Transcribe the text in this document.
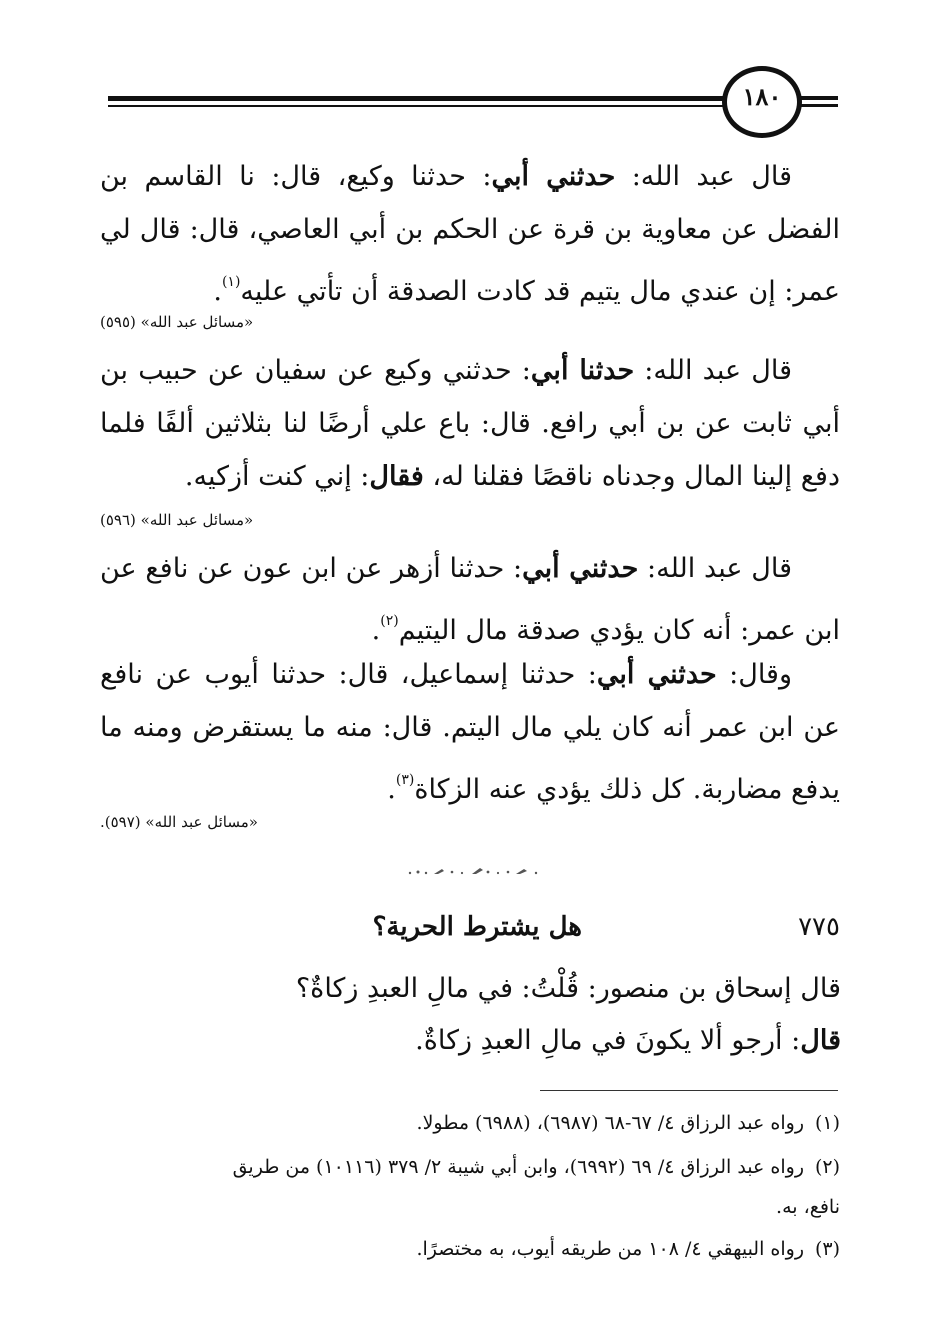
١٨٠
قال عبد الله: حدثني أبي: حدثنا وكيع، قال: نا القاسم بن الفضل عن معاوية بن قرة عن الحكم بن أبي العاصي، قال: قال لي عمر: إن عندي مال يتيم قد كادت الصدقة أن تأتي عليه$^{(١)}$.
«مسائل عبد الله» (٥٩٥)
قال عبد الله: حدثنا أبي: حدثني وكيع عن سفيان عن حبيب بن أبي ثابت عن بن أبي رافع. قال: باع علي أرضًا لنا بثلاثين ألفًا فلما دفع إلينا المال وجدناه ناقصًا فقلنا له، فقال: إني كنت أزكيه.
«مسائل عبد الله» (٥٩٦)
قال عبد الله: حدثني أبي: حدثنا أزهر عن ابن عون عن نافع عن ابن عمر: أنه كان يؤدي صدقة مال اليتيم$^{(٢)}$.
وقال: حدثني أبي: حدثنا إسماعيل، قال: حدثنا أيوب عن نافع عن ابن عمر أنه كان يلي مال اليتم. قال: منه ما يستقرض ومنه ما يدفع مضاربة. كل ذلك يؤدي عنه الزكاة$^{(٣)}$.
«مسائل عبد الله» (٥٩٧).
٧٧٥
هل يشترط الحرية؟
قال إسحاق بن منصور: قُلْتُ: في مالِ العبدِ زكاةٌ؟
قال: أرجو ألا يكونَ في مالِ العبدِ زكاةٌ.
(١)رواه عبد الرزاق ٤/ ٦٧-٦٨ (٦٩٨٧)، (٦٩٨٨) مطولا.
(٢)رواه عبد الرزاق ٤/ ٦٩ (٦٩٩٢)، وابن أبي شيبة ٢/ ٣٧٩ (١٠١١٦) من طريق
نافع، به.
(٣)رواه البيهقي ٤/ ١٠٨ من طريقه أيوب، به مختصرًا.
